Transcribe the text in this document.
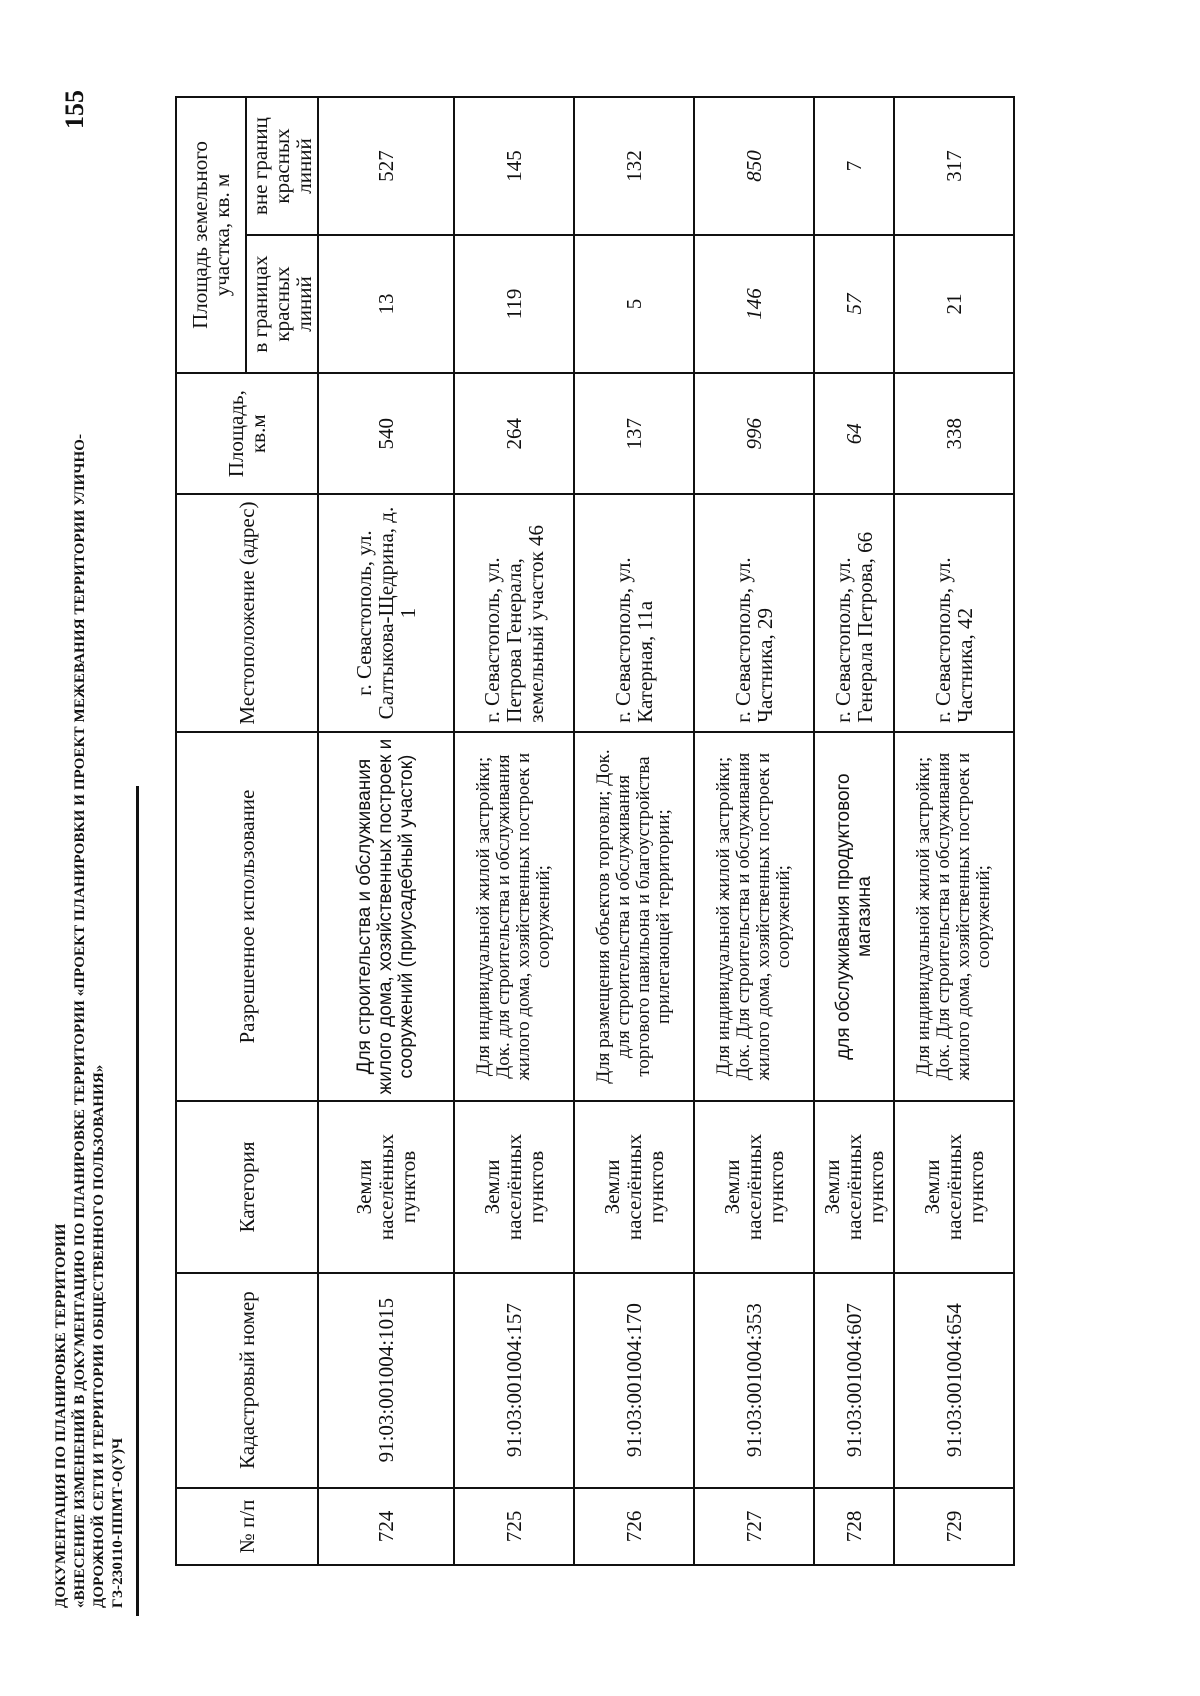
ДОКУМЕНТАЦИЯ ПО ПЛАНИРОВКЕ ТЕРРИТОРИИ «ВНЕСЕНИЕ ИЗМЕНЕНИЙ В ДОКУМЕНТАЦИЮ ПО ПЛАНИРОВКЕ ТЕРРИТОРИИ «ПРОЕКТ ПЛАНИРОВКИ И ПРОЕКТ МЕЖЕВАНИЯ ТЕРРИТОРИИ УЛИЧНО- ДОРОЖНОЙ СЕТИ И ТЕРРИТОРИИ ОБЩЕСТВЕННОГО ПОЛЬЗОВАНИЯ» ГЗ-230110-ППМТ-О(У)Ч
155
№ п/п	Кадастровый номер	Категория	Разрешенное использование	Местоположение (адрес)	Площадь, кв.м	Площадь земельного участка, кв. м	
						в границах красных линий	вне границ красных линий
724	91:03:001004:1015	Земли населённых пунктов	Для строительства и обслуживания жилого дома, хозяйственных построек и сооружений (приусадебный участок)	г. Севастополь, ул. Салтыкова-Щедрина, д. 1	540	13	527
725	91:03:001004:157	Земли населённых пунктов	Для индивидуальной жилой застройки; Док. для строительства и обслуживания жилого дома, хозяйственных построек и сооружений;	г. Севастополь, ул. Петрова Генерала, земельный участок 46	264	119	145
726	91:03:001004:170	Земли населённых пунктов	Для размещения объектов торговли; Док. для строительства и обслуживания торгового павильона и благоустройства прилегающей территории;	г. Севастополь, ул. Катерная, 11а	137	5	132
727	91:03:001004:353	Земли населённых пунктов	Для индивидуальной жилой застройки; Док. Для строительства и обслуживания жилого дома, хозяйственных построек и сооружений;	г. Севастополь, ул. Частника, 29	996	146	850
728	91:03:001004:607	Земли населённых пунктов	для обслуживания продуктового магазина	г. Севастополь, ул. Генерала Петрова, 66	64	57	7
729	91:03:001004:654	Земли населённых пунктов	Для индивидуальной жилой застройки; Док. Для строительства и обслуживания жилого дома, хозяйственных построек и сооружений;	г. Севастополь, ул. Частника, 42	338	21	317
